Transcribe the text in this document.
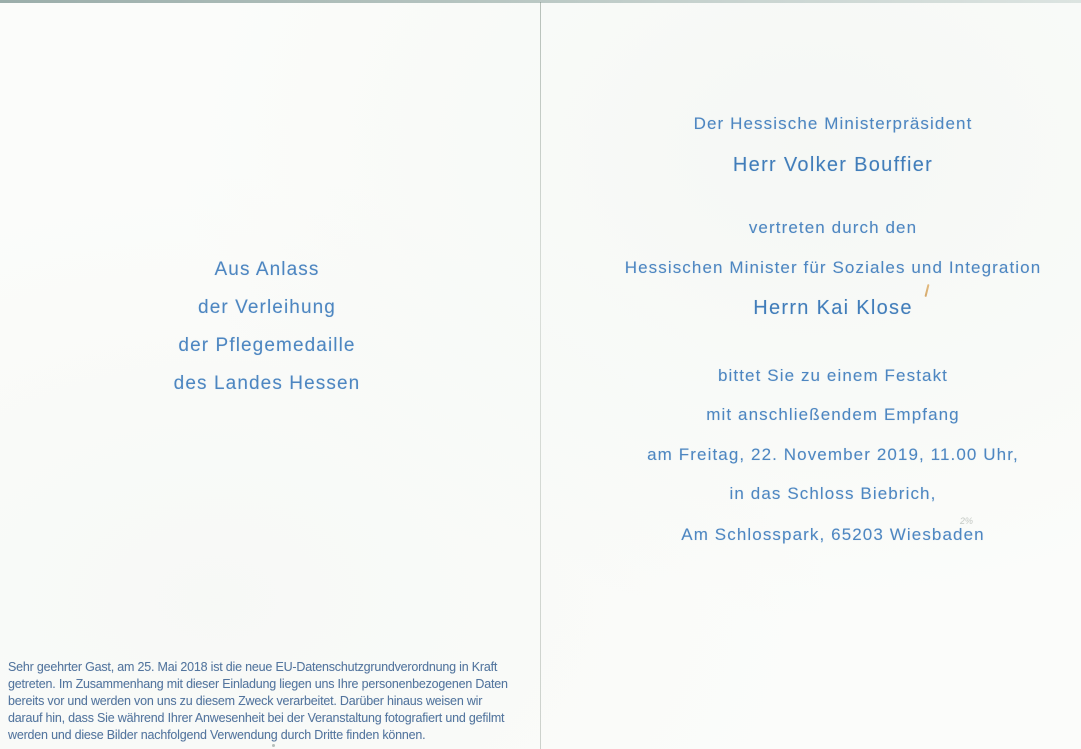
Aus Anlass
der Verleihung
der Pflegemedaille
des Landes Hessen
Sehr geehrter Gast, am 25. Mai 2018 ist die neue EU-Datenschutzgrundverordnung in Kraft
getreten. Im Zusammenhang mit dieser Einladung liegen uns Ihre personenbezogenen Daten
bereits vor und werden von uns zu diesem Zweck verarbeitet. Darüber hinaus weisen wir
darauf hin, dass Sie während Ihrer Anwesenheit bei der Veranstaltung fotografiert und gefilmt
werden und diese Bilder nachfolgend Verwendung durch Dritte finden können.
Der Hessische Ministerpräsident
Herr Volker Bouffier
vertreten durch den
Hessischen Minister für Soziales und Integration
Herrn Kai Klose
bittet Sie zu einem Festakt
mit anschließendem Empfang
am Freitag, 22. November 2019, 11.00 Uhr,
in das Schloss Biebrich,
Am Schlosspark, 65203 Wiesbaden
2%
